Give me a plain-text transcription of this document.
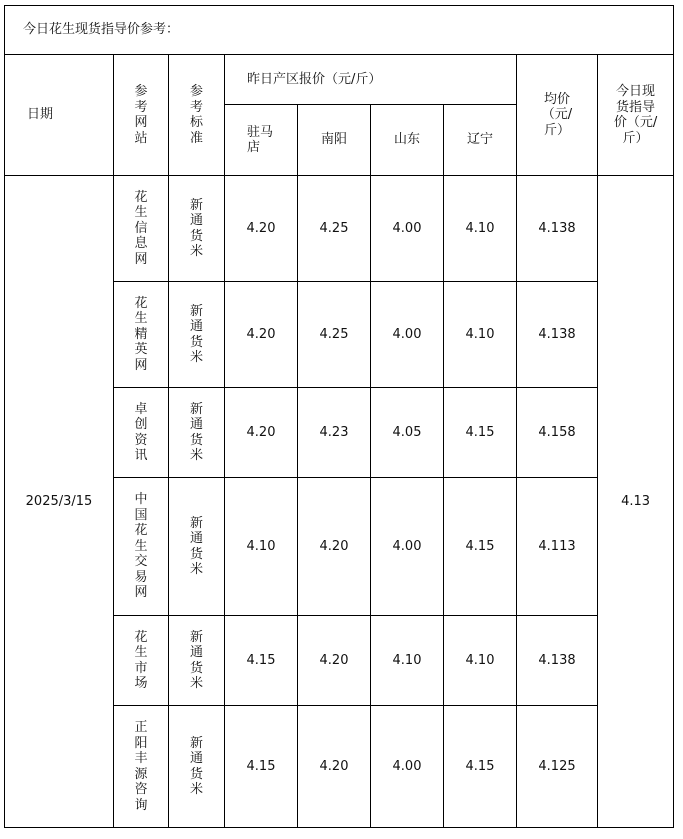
今日花生现货指导价参考：								
日期	参考网站	参考标准	昨日产区报价（元/斤）				均价（元/斤）	今日现货指导价（元/斤）
			驻马店	南阳	山东	辽宁		
2025/3/15	花生信息网	新通货米	4.20	4.25	4.00	4.10	4.138	4.13
	花生精英网	新通货米	4.20	4.25	4.00	4.10	4.138	
	卓创资讯	新通货米	4.20	4.23	4.05	4.15	4.158	
	中国花生交易网	新通货米	4.10	4.20	4.00	4.15	4.113	
	花生市场	新通货米	4.15	4.20	4.10	4.10	4.138	
	正阳丰源咨询	新通货米	4.15	4.20	4.00	4.15	4.125	
